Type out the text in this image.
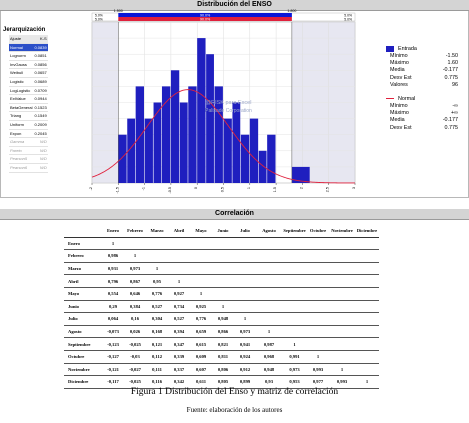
Distribución del ENSO
Jerarquización
Ajuste	K-S
Normal	0.0839
Lognorm	0.0851
InvGauss	0.0856
Weibull	0.0657
Logistic	0.0689
LogLogistic	0.0709
ExtValue	0.0944
BetaGeneral	0.1523
Triang	0.1549
Uniform	0.2009
Expon	0.2045
Gamma	N/D
Pareto	N/D
Pearson5	N/D
Pearson6	N/D
1.500	1.800
90.0%
5.0%	5.0%
5.0%	90.0%	5.0%
@RISK para Excel
Palisade Corporation
-2	-1.5	-1	-0.5	0	0.5	1	1.5	2	2.5	3
Entrada
Mínimo	-1.50
Máximo	1.60
Media	-0.177
Desv Est	0.775
Valores	96
Normal
Mínimo	-∞
Máximo	+∞
Media	-0.177
Desv Est	0.775
Correlación
	Enero	Febrero	Marzo	Abril	Mayo	Junio	Julio	Agosto	Septiembre	Octubre	Noviembre	Diciembre
Enero	1											
Febrero	0,986	1										
Marzo	0,931	0,973	1									
Abril	0,796	0,867	0,95	1								
Mayo	0,554	0,646	0,776	0,927	1							
Junio	0,29	0,384	0,527	0,734	0,925	1						
Julio	0,064	0,16	0,304	0,527	0,776	0,948	1					
Agosto	-0,073	0,026	0,168	0,394	0,659	0,866	0,973	1				
Septiembre	-0,123	-0,025	0,121	0,347	0,615	0,821	0,941	0,987	1			
Octubre	-0,127	-0,03	0,112	0,339	0,609	0,811	0,924	0,968	0,991	1		
Noviembre	-0,121	-0,027	0,111	0,337	0,607	0,806	0,912	0,948	0,973	0,993	1	
Diciembre	-0,117	-0,025	0,116	0,342	0,611	0,805	0,899	0,93	0,953	0,977	0,993	1
Figura 1 Distribución del Enso y matriz de correlación
Fuente: elaboración de los autores
